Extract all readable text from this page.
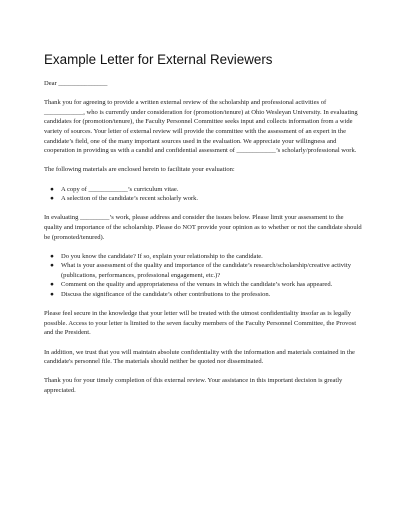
Example Letter for External Reviewers

Dear _______________

Thank you for agreeing to provide a written external review of the scholarship and professional activities of ____________, who is currently under consideration for (promotion/tenure) at Ohio Wesleyan University. In evaluating candidates for (promotion/tenure), the Faculty Personnel Committee seeks input and collects information from a wide variety of sources. Your letter of external review will provide the committee with the assessment of an expert in the candidate’s field, one of the many important sources used in the evaluation. We appreciate your willingness and cooperation in providing us with a candid and confidential assessment of ____________’s scholarly/professional work.

The following materials are enclosed herein to facilitate your evaluation:

● A copy of ____________’s curriculum vitae.
● A selection of the candidate’s recent scholarly work.

In evaluating _________’s work, please address and consider the issues below. Please limit your assessment to the quality and importance of the scholarship. Please do NOT provide your opinion as to whether or not the candidate should be (promoted/tenured).

● Do you know the candidate? If so, explain your relationship to the candidate.
● What is your assessment of the quality and importance of the candidate’s research/scholarship/creative activity (publications, performances, professional engagement, etc.)?
● Comment on the quality and appropriateness of the venues in which the candidate’s work has appeared.
● Discuss the significance of the candidate’s other contributions to the profession.

Please feel secure in the knowledge that your letter will be treated with the utmost confidentiality insofar as is legally possible. Access to your letter is limited to the seven faculty members of the Faculty Personnel Committee, the Provost and the President.

In addition, we trust that you will maintain absolute confidentiality with the information and materials contained in the candidate's personnel file. The materials should neither be quoted nor disseminated.

Thank you for your timely completion of this external review. Your assistance in this important decision is greatly appreciated.
